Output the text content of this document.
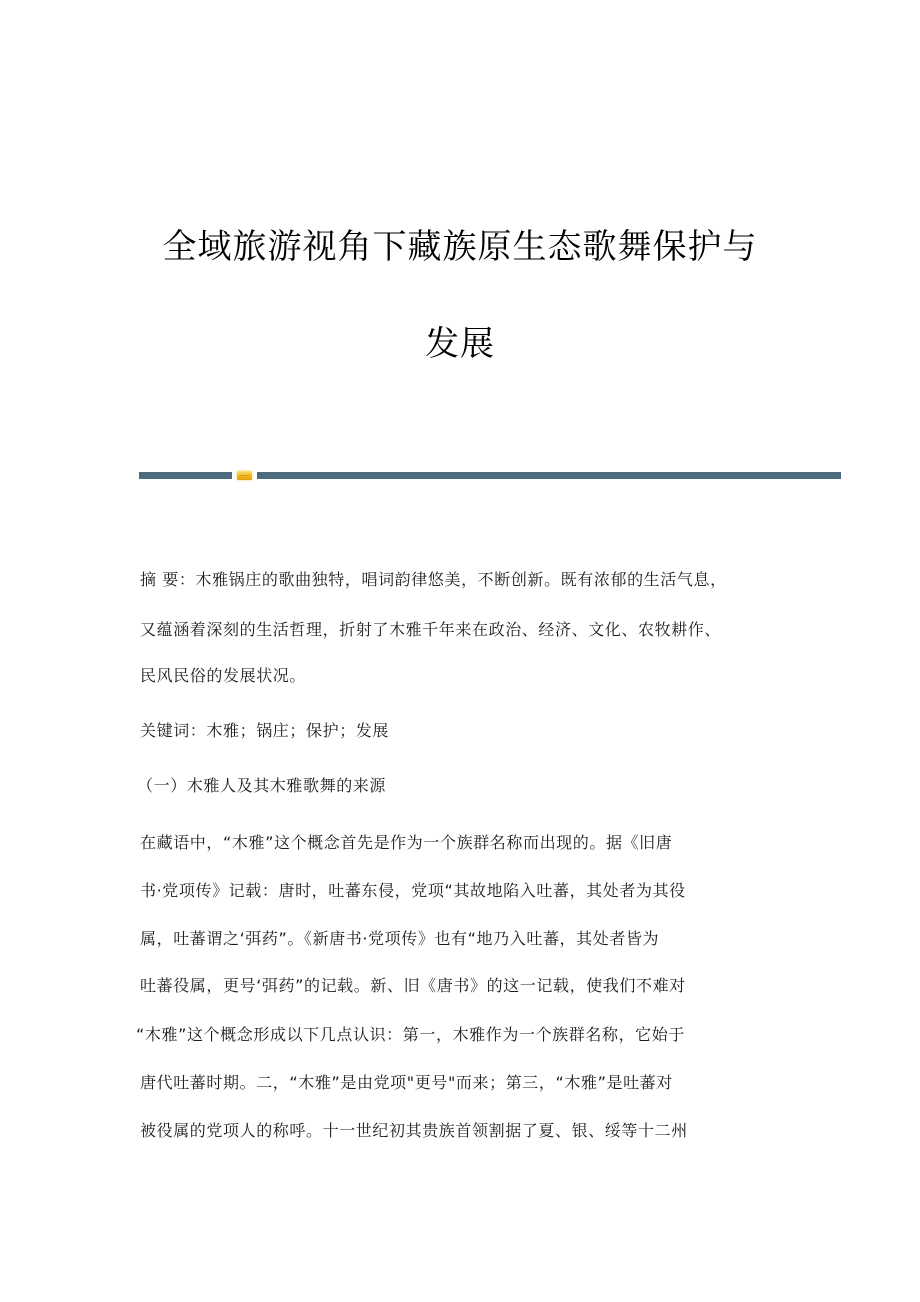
全域旅游视角下藏族原生态歌舞保护与
发展
摘 要：木雅锅庄的歌曲独特，唱词韵律悠美，不断创新。既有浓郁的生活气息，
又蕴涵着深刻的生活哲理，折射了木雅千年来在政治、经济、文化、农牧耕作、
民风民俗的发展状况。
关键词：木雅；锅庄；保护；发展
（一）木雅人及其木雅歌舞的来源
在藏语中，“木雅”这个概念首先是作为一个族群名称而出现的。据《旧唐
书·党项传》记载：唐时，吐蕃东侵，党项“其故地陷入吐蕃，其处者为其役
属，吐蕃谓之‘弭药”。《新唐书·党项传》也有“地乃入吐蕃，其处者皆为
吐蕃役属，更号‘弭药”的记载。新、旧《唐书》的这一记载，使我们不难对
“木雅”这个概念形成以下几点认识：第一，木雅作为一个族群名称，它始于
唐代吐蕃时期。二，“木雅”是由党项"更号"而来；第三，“木雅”是吐蕃对
被役属的党项人的称呼。十一世纪初其贵族首领割据了夏、银、绥等十二州
